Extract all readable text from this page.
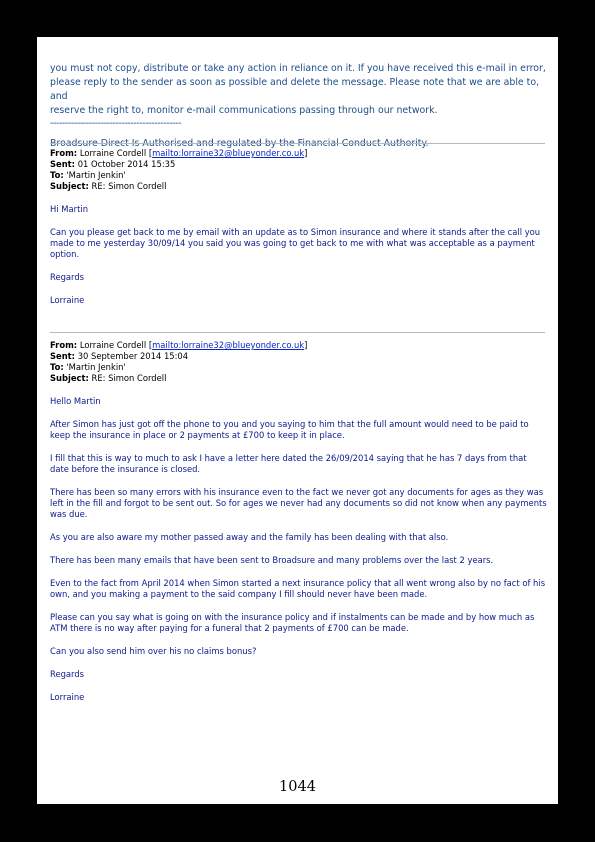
you must not copy, distribute or take any action in reliance on it. If you have received this e-mail in error,

please reply to the sender as soon as possible and delete the message. Please note that we are able to, and

reserve the right to, monitor e-mail communications passing through our network.

--------------------------------------------

Broadsure Direct Is Authorised and regulated by the Financial Conduct Authority.

From: Lorraine Cordell [mailto:lorraine32@blueyonder.co.uk]
Sent: 01 October 2014 15:35
To: 'Martin Jenkin'
Subject: RE: Simon Cordell

Hi Martin

Can you please get back to me by email with an update as to Simon insurance and where it stands after the call you made to me yesterday 30/09/14 you said you was going to get back to me with what was acceptable as a payment option.

Regards

Lorraine

From: Lorraine Cordell [mailto:lorraine32@blueyonder.co.uk]
Sent: 30 September 2014 15:04
To: 'Martin Jenkin'
Subject: RE: Simon Cordell

Hello Martin

After Simon has just got off the phone to you and you saying to him that the full amount would need to be paid to keep the insurance in place or 2 payments at £700 to keep it in place.

I fill that this is way to much to ask I have a letter here dated the 26/09/2014 saying that he has 7 days from that date before the insurance is closed.

There has been so many errors with his insurance even to the fact we never got any documents for ages as they was left in the fill and forgot to be sent out. So for ages we never had any documents so did not know when any payments was due.

As you are also aware my mother passed away and the family has been dealing with that also.

There has been many emails that have been sent to Broadsure and many problems over the last 2 years.

Even to the fact from April 2014 when Simon started a next insurance policy that all went wrong also by no fact of his own, and you making a payment to the said company I fill should never have been made.

Please can you say what is going on with the insurance policy and if instalments can be made and by how much as ATM there is no way after paying for a funeral that 2 payments of £700 can be made.

Can you also send him over his no claims bonus?

Regards

Lorraine

1044
